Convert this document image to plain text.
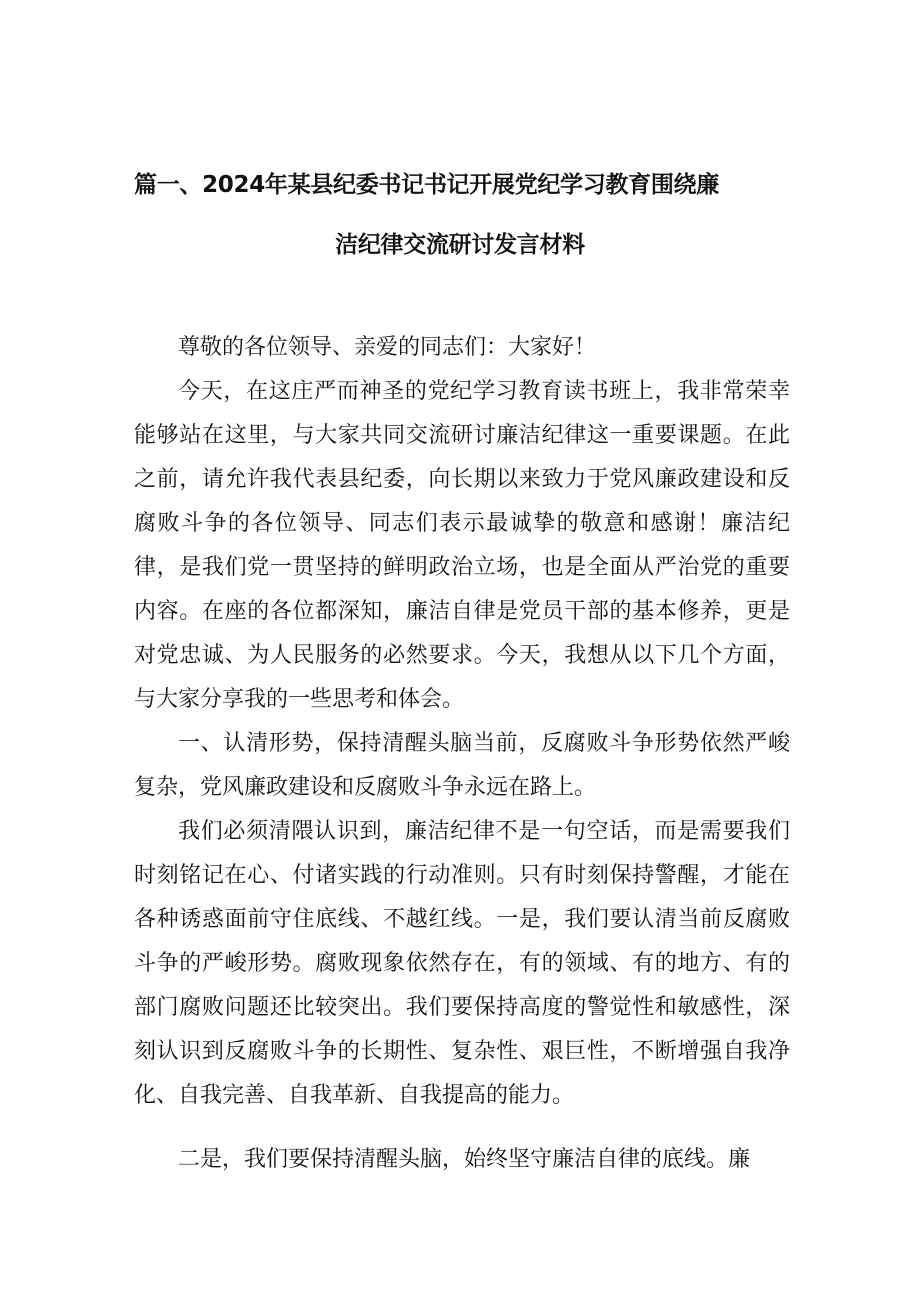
篇一、2024年某县纪委书记书记开展党纪学习教育围绕廉
洁纪律交流研讨发言材料

尊敬的各位领导、亲爱的同志们：大家好！

今天，在这庄严而神圣的党纪学习教育读书班上，我非常荣幸能够站在这里，与大家共同交流研讨廉洁纪律这一重要课题。在此之前，请允许我代表县纪委，向长期以来致力于党风廉政建设和反腐败斗争的各位领导、同志们表示最诚挚的敬意和感谢！廉洁纪律，是我们党一贯坚持的鲜明政治立场，也是全面从严治党的重要内容。在座的各位都深知，廉洁自律是党员干部的基本修养，更是对党忠诚、为人民服务的必然要求。今天，我想从以下几个方面，与大家分享我的一些思考和体会。

一、认清形势，保持清醒头脑当前，反腐败斗争形势依然严峻复杂，党风廉政建设和反腐败斗争永远在路上。

我们必须清隈认识到，廉洁纪律不是一句空话，而是需要我们时刻铭记在心、付诸实践的行动准则。只有时刻保持警醒，才能在各种诱惑面前守住底线、不越红线。一是，我们要认清当前反腐败斗争的严峻形势。腐败现象依然存在，有的领域、有的地方、有的部门腐败问题还比较突出。我们要保持高度的警觉性和敏感性，深刻认识到反腐败斗争的长期性、复杂性、艰巨性，不断增强自我净化、自我完善、自我革新、自我提高的能力。

二是，我们要保持清醒头脑，始终坚守廉洁自律的底线。廉
